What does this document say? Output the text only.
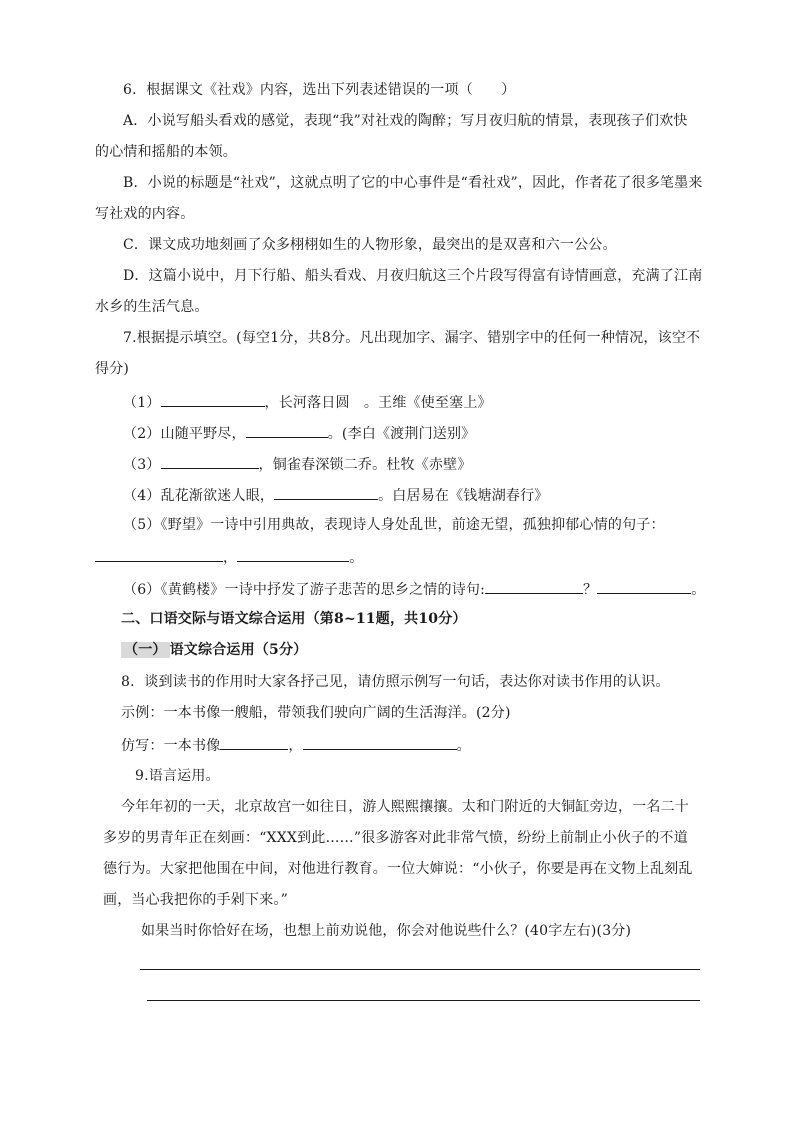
6．根据课文《社戏》内容，选出下列表述错误的一项（　　）
A．小说写船头看戏的感觉，表现“我”对社戏的陶醉；写月夜归航的情景，表现孩子们欢快
的心情和摇船的本领。
B．小说的标题是“社戏”，这就点明了它的中心事件是“看社戏”，因此，作者花了很多笔墨来
写社戏的内容。
C．课文成功地刻画了众多栩栩如生的人物形象，最突出的是双喜和六一公公。
D．这篇小说中，月下行船、船头看戏、月夜归航这三个片段写得富有诗情画意，充满了江南
水乡的生活气息。
7.根据提示填空。(每空1分，共8分。凡出现加字、漏字、错别字中的任何一种情况，该空不
得分)
（1）	，长河落日圆　。王维《使至塞上》
（2）山随平野尽，	。(李白《渡荆门送别》
（3）	，铜雀春深锁二乔。杜牧《赤壁》
（4）乱花渐欲迷人眼，	。白居易在《钱塘湖春行》
（5）《野望》一诗中引用典故，表现诗人身处乱世，前途无望，孤独抑郁心情的句子：
，	。
（6）《黄鹤楼》一诗中抒发了游子悲苦的思乡之情的诗句:	？	。
二、口语交际与语文综合运用（第8~11题，共10分）
（一） 语文综合运用（5分）
8．谈到读书的作用时大家各抒己见，请仿照示例写一句话，表达你对读书作用的认识。
示例：一本书像一艘船，带领我们驶向广阔的生活海洋。(2分)
仿写：一本书像	，	。
9.语言运用。
今年年初的一天，北京故宫一如往日，游人熙熙攘攘。太和门附近的大铜缸旁边，一名二十
多岁的男青年正在刻画：“XXX到此……”很多游客对此非常气愤，纷纷上前制止小伙子的不道
德行为。大家把他围在中间，对他进行教育。一位大婶说：“小伙子，你要是再在文物上乱刻乱
画，当心我把你的手剁下来。”
如果当时你恰好在场，也想上前劝说他，你会对他说些什么？(40字左右)(3分)
